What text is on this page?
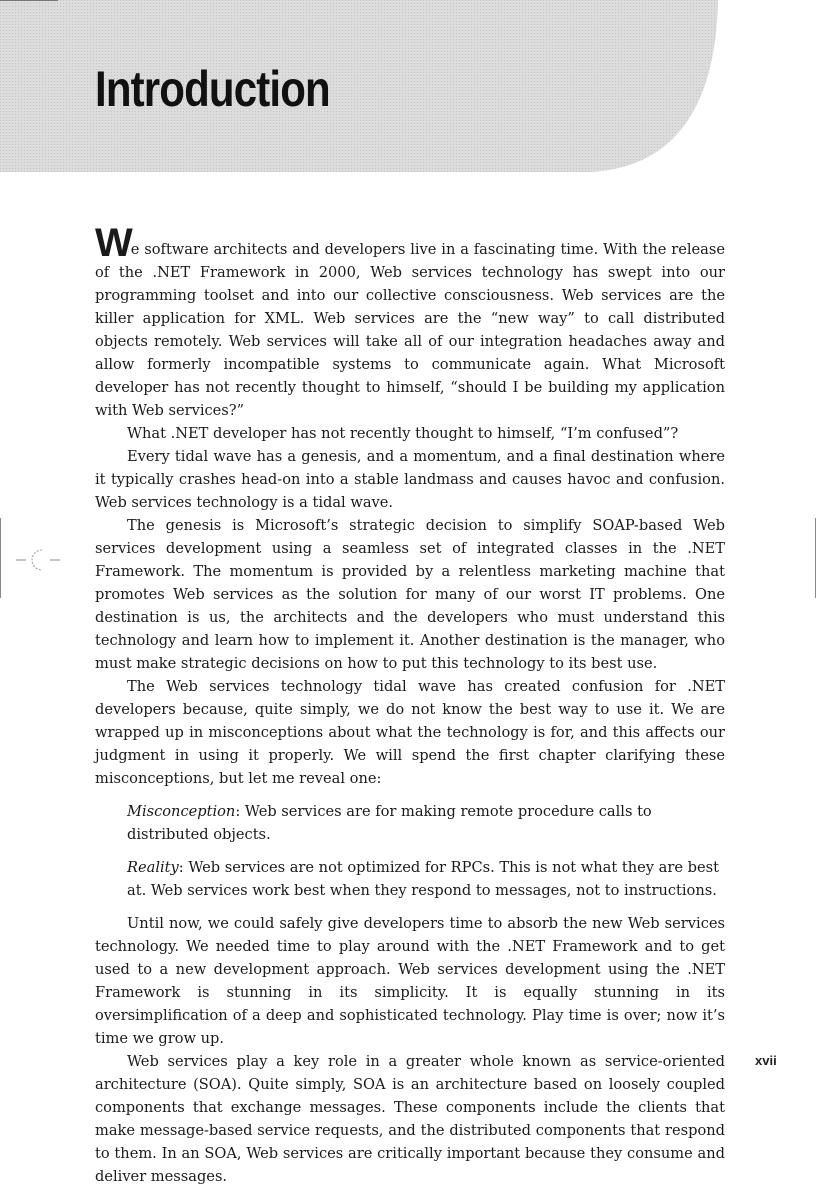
Introduction

We software architects and developers live in a fascinating time. With the release of the .NET Framework in 2000, Web services technology has swept into our programming toolset and into our collective consciousness. Web services are the killer application for XML. Web services are the “new way” to call distributed objects remotely. Web services will take all of our integration headaches away and allow formerly incompatible systems to communicate again. What Microsoft developer has not recently thought to himself, “should I be building my application with Web services?”

What .NET developer has not recently thought to himself, “I’m confused”?

Every tidal wave has a genesis, and a momentum, and a final destination where it typically crashes head-on into a stable landmass and causes havoc and confusion. Web services technology is a tidal wave.

The genesis is Microsoft’s strategic decision to simplify SOAP-based Web services development using a seamless set of integrated classes in the .NET Framework. The momentum is provided by a relentless marketing machine that promotes Web services as the solution for many of our worst IT problems. One destination is us, the architects and the developers who must understand this technology and learn how to implement it. Another destination is the manager, who must make strategic decisions on how to put this technology to its best use.

The Web services technology tidal wave has created confusion for .NET developers because, quite simply, we do not know the best way to use it. We are wrapped up in misconceptions about what the technology is for, and this affects our judgment in using it properly. We will spend the first chapter clarifying these misconceptions, but let me reveal one:

Misconception: Web services are for making remote procedure calls to distributed objects.

Reality: Web services are not optimized for RPCs. This is not what they are best at. Web services work best when they respond to messages, not to instructions.

Until now, we could safely give developers time to absorb the new Web services technology. We needed time to play around with the .NET Framework and to get used to a new development approach. Web services development using the .NET Framework is stunning in its simplicity. It is equally stunning in its oversimplification of a deep and sophisticated technology. Play time is over; now it’s time we grow up.

Web services play a key role in a greater whole known as service-oriented architecture (SOA). Quite simply, SOA is an architecture based on loosely coupled components that exchange messages. These components include the clients that make message-based service requests, and the distributed components that respond to them. In an SOA, Web services are critically important because they consume and deliver messages.

xvii
